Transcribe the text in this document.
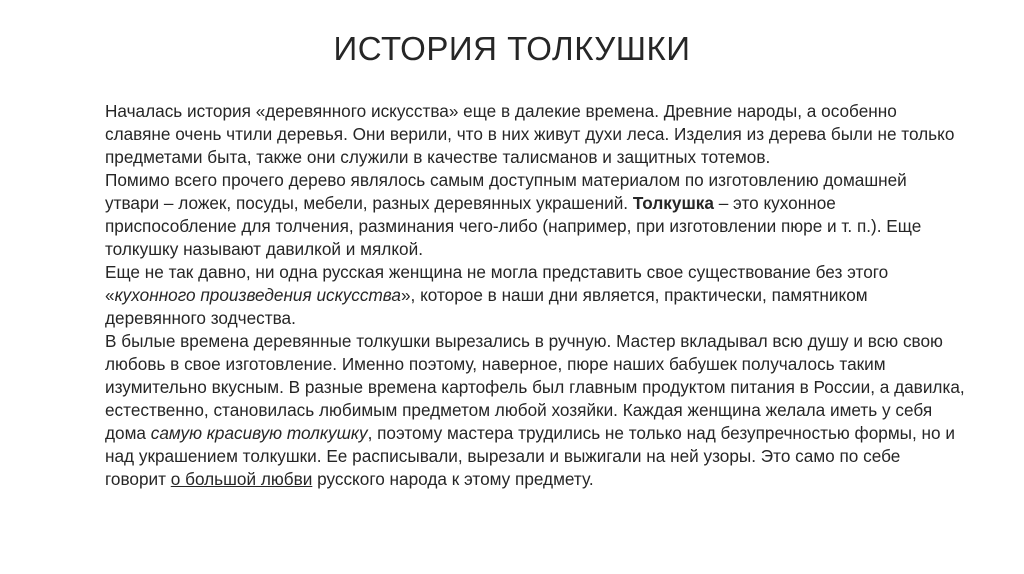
ИСТОРИЯ ТОЛКУШКИ

Началась история «деревянного искусства» еще в далекие времена. Древние народы, а особенно славяне очень чтили деревья. Они верили, что в них живут духи леса. Изделия из дерева были не только предметами быта, также они служили в качестве талисманов и защитных тотемов.

Помимо всего прочего дерево являлось самым доступным материалом по изготовлению домашней утвари – ложек, посуды, мебели, разных деревянных украшений. Толкушка – это кухонное приспособление для толчения, разминания чего-либо (например, при изготовлении пюре и т. п.). Еще толкушку называют давилкой и мялкой.

Еще не так давно, ни одна русская женщина не могла представить свое существование без этого «кухонного произведения искусства», которое в наши дни является, практически, памятником деревянного зодчества.

В былые времена деревянные толкушки вырезались в ручную. Мастер вкладывал всю душу и всю свою любовь в свое изготовление. Именно поэтому, наверное, пюре наших бабушек получалось таким изумительно вкусным. В разные времена картофель был главным продуктом питания в России, а давилка, естественно, становилась любимым предметом любой хозяйки. Каждая женщина желала иметь у себя дома самую красивую толкушку, поэтому мастера трудились не только над безупречностью формы, но и над украшением толкушки. Ее расписывали, вырезали и выжигали на ней узоры. Это само по себе говорит о большой любви русского народа к этому предмету.
